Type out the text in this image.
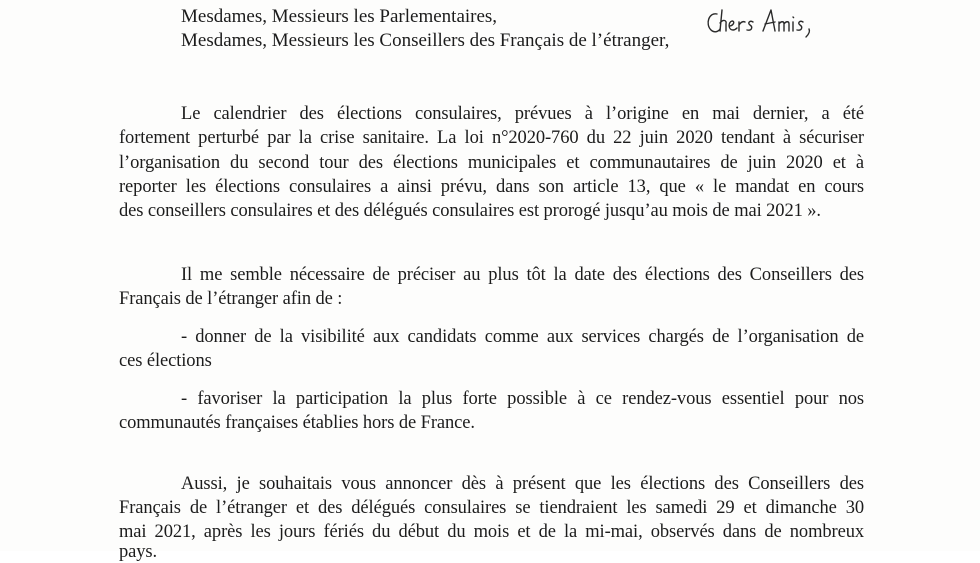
Mesdames, Messieurs les Parlementaires,
Mesdames, Messieurs les Conseillers des Français de l’étranger,
Le calendrier des élections consulaires, prévues à l’origine en mai dernier, a été
fortement perturbé par la crise sanitaire. La loi n°2020-760 du 22 juin 2020 tendant à sécuriser
l’organisation du second tour des élections municipales et communautaires de juin 2020 et à
reporter les élections consulaires a ainsi prévu, dans son article 13, que « le mandat en cours
des conseillers consulaires et des délégués consulaires est prorogé jusqu’au mois de mai 2021 ».
Il me semble nécessaire de préciser au plus tôt la date des élections des Conseillers des
Français de l’étranger afin de :
- donner de la visibilité aux candidats comme aux services chargés de l’organisation de
ces élections
- favoriser la participation la plus forte possible à ce rendez-vous essentiel pour nos
communautés françaises établies hors de France.
Aussi, je souhaitais vous annoncer dès à présent que les élections des Conseillers des
Français de l’étranger et des délégués consulaires se tiendraient les samedi 29 et dimanche 30
mai 2021, après les jours fériés du début du mois et de la mi-mai, observés dans de nombreux
pays.
